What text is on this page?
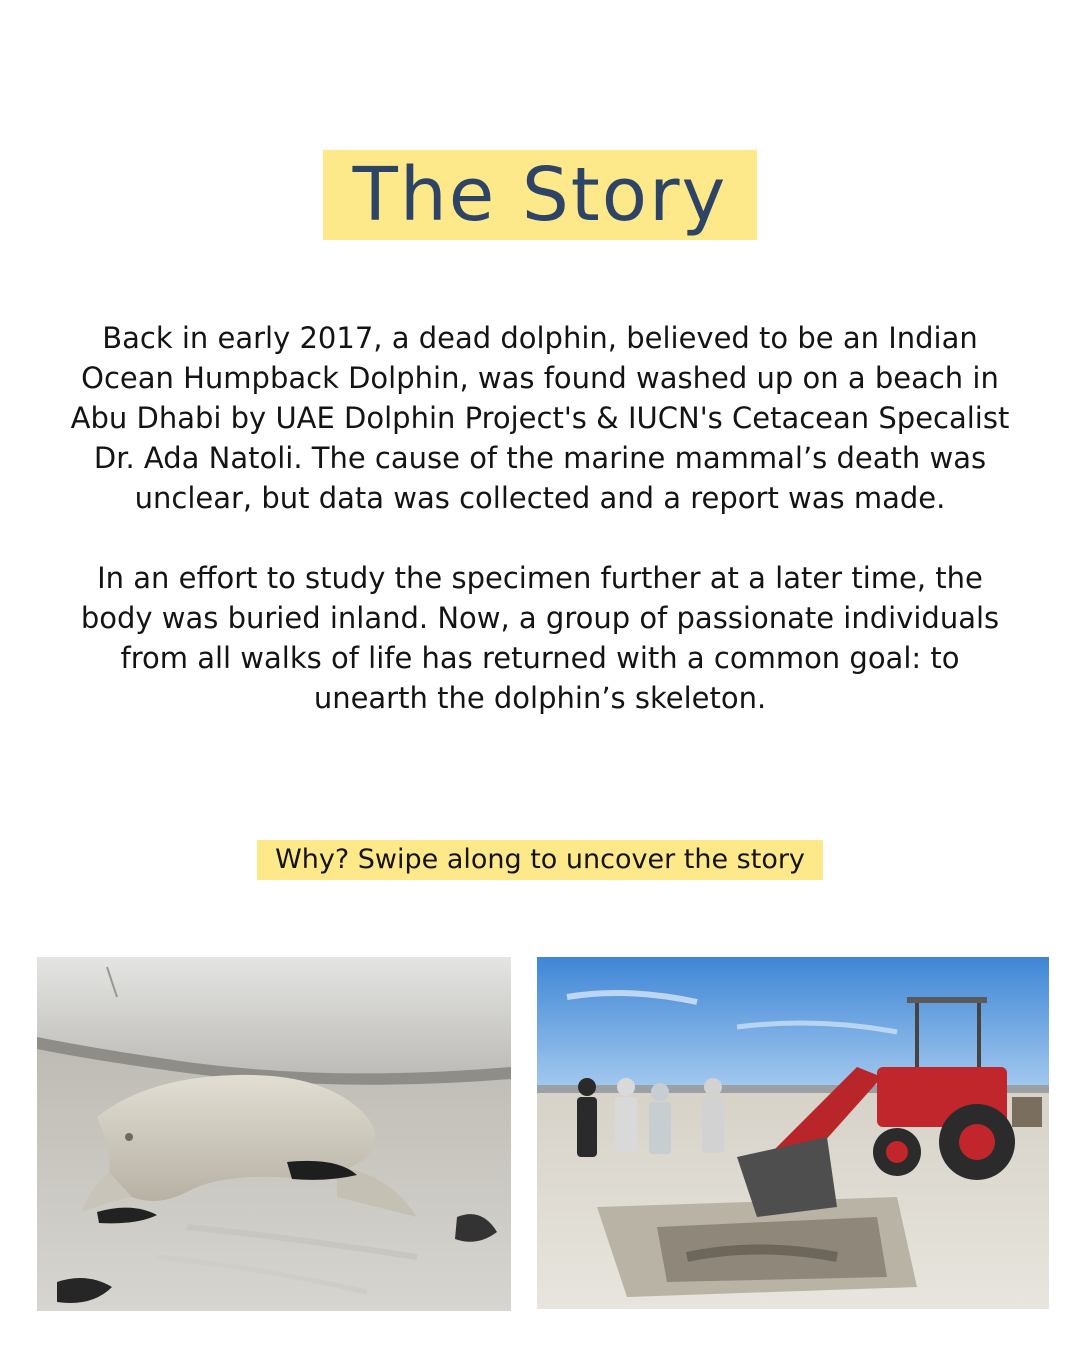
The Story

Back in early 2017, a dead dolphin, believed to be an Indian Ocean Humpback Dolphin, was found washed up on a beach in Abu Dhabi by UAE Dolphin Project's & IUCN's Cetacean Specalist Dr. Ada Natoli. The cause of the marine mammal’s death was unclear, but data was collected and a report was made.

In an effort to study the specimen further at a later time, the body was buried inland. Now, a group of passionate individuals from all walks of life has returned with a common goal: to unearth the dolphin’s skeleton.

Why? Swipe along to uncover the story
